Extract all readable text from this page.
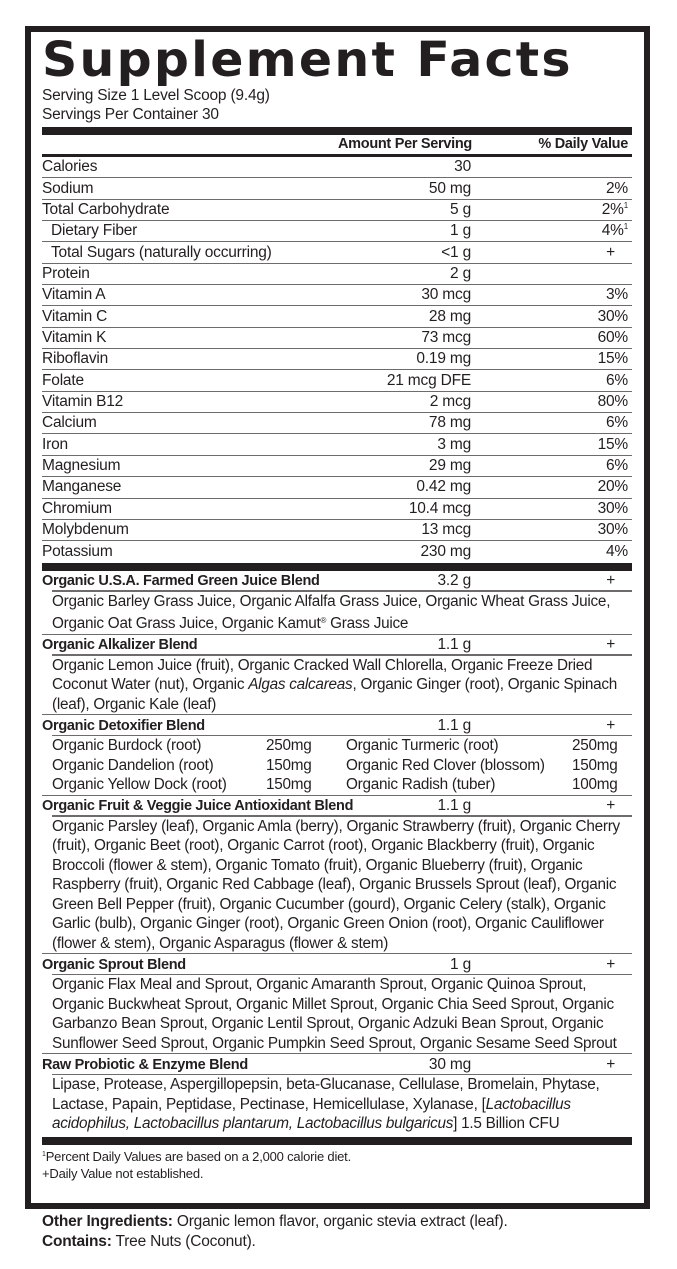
Supplement Facts
Serving Size 1 Level Scoop (9.4g)
Servings Per Container 30
Amount Per Serving	% Daily Value
Calories	30
Sodium	50 mg	2%
Total Carbohydrate	5 g	2%$^1$
Dietary Fiber	1 g	4%$^1$
Total Sugars (naturally occurring)	<1 g	+
Protein	2 g
Vitamin A	30 mcg	3%
Vitamin C	28 mg	30%
Vitamin K	73 mcg	60%
Riboflavin	0.19 mg	15%
Folate	21 mcg DFE	6%
Vitamin B12	2 mcg	80%
Calcium	78 mg	6%
Iron	3 mg	15%
Magnesium	29 mg	6%
Manganese	0.42 mg	20%
Chromium	10.4 mcg	30%
Molybdenum	13 mcg	30%
Potassium	230 mg	4%
Organic U.S.A. Farmed Green Juice Blend	3.2 g	+
Organic Barley Grass Juice, Organic Alfalfa Grass Juice, Organic Wheat Grass Juice, Organic Oat Grass Juice, Organic Kamut® Grass Juice
Organic Alkalizer Blend	1.1 g	+
Organic Lemon Juice (fruit), Organic Cracked Wall Chlorella, Organic Freeze Dried Coconut Water (nut), Organic Algas calcareas, Organic Ginger (root), Organic Spinach (leaf), Organic Kale (leaf)
Organic Detoxifier Blend	1.1 g	+
Organic Burdock (root)	250mg	Organic Turmeric (root)	250mg
Organic Dandelion (root)	150mg	Organic Red Clover (blossom)	150mg
Organic Yellow Dock (root)	150mg	Organic Radish (tuber)	100mg
Organic Fruit & Veggie Juice Antioxidant Blend	1.1 g	+
Organic Parsley (leaf), Organic Amla (berry), Organic Strawberry (fruit), Organic Cherry (fruit), Organic Beet (root), Organic Carrot (root), Organic Blackberry (fruit), Organic Broccoli (flower & stem), Organic Tomato (fruit), Organic Blueberry (fruit), Organic Raspberry (fruit), Organic Red Cabbage (leaf), Organic Brussels Sprout (leaf), Organic Green Bell Pepper (fruit), Organic Cucumber (gourd), Organic Celery (stalk), Organic Garlic (bulb), Organic Ginger (root), Organic Green Onion (root), Organic Cauliflower (flower & stem), Organic Asparagus (flower & stem)
Organic Sprout Blend	1 g	+
Organic Flax Meal and Sprout, Organic Amaranth Sprout, Organic Quinoa Sprout, Organic Buckwheat Sprout, Organic Millet Sprout, Organic Chia Seed Sprout, Organic Garbanzo Bean Sprout, Organic Lentil Sprout, Organic Adzuki Bean Sprout, Organic Sunflower Seed Sprout, Organic Pumpkin Seed Sprout, Organic Sesame Seed Sprout
Raw Probiotic & Enzyme Blend	30 mg	+
Lipase, Protease, Aspergillopepsin, beta-Glucanase, Cellulase, Bromelain, Phytase, Lactase, Papain, Peptidase, Pectinase, Hemicellulase, Xylanase, [Lactobacillus acidophilus, Lactobacillus plantarum, Lactobacillus bulgaricus] 1.5 Billion CFU
$^1$Percent Daily Values are based on a 2,000 calorie diet.
+Daily Value not established.
Other Ingredients: Organic lemon flavor, organic stevia extract (leaf).
Contains: Tree Nuts (Coconut).
